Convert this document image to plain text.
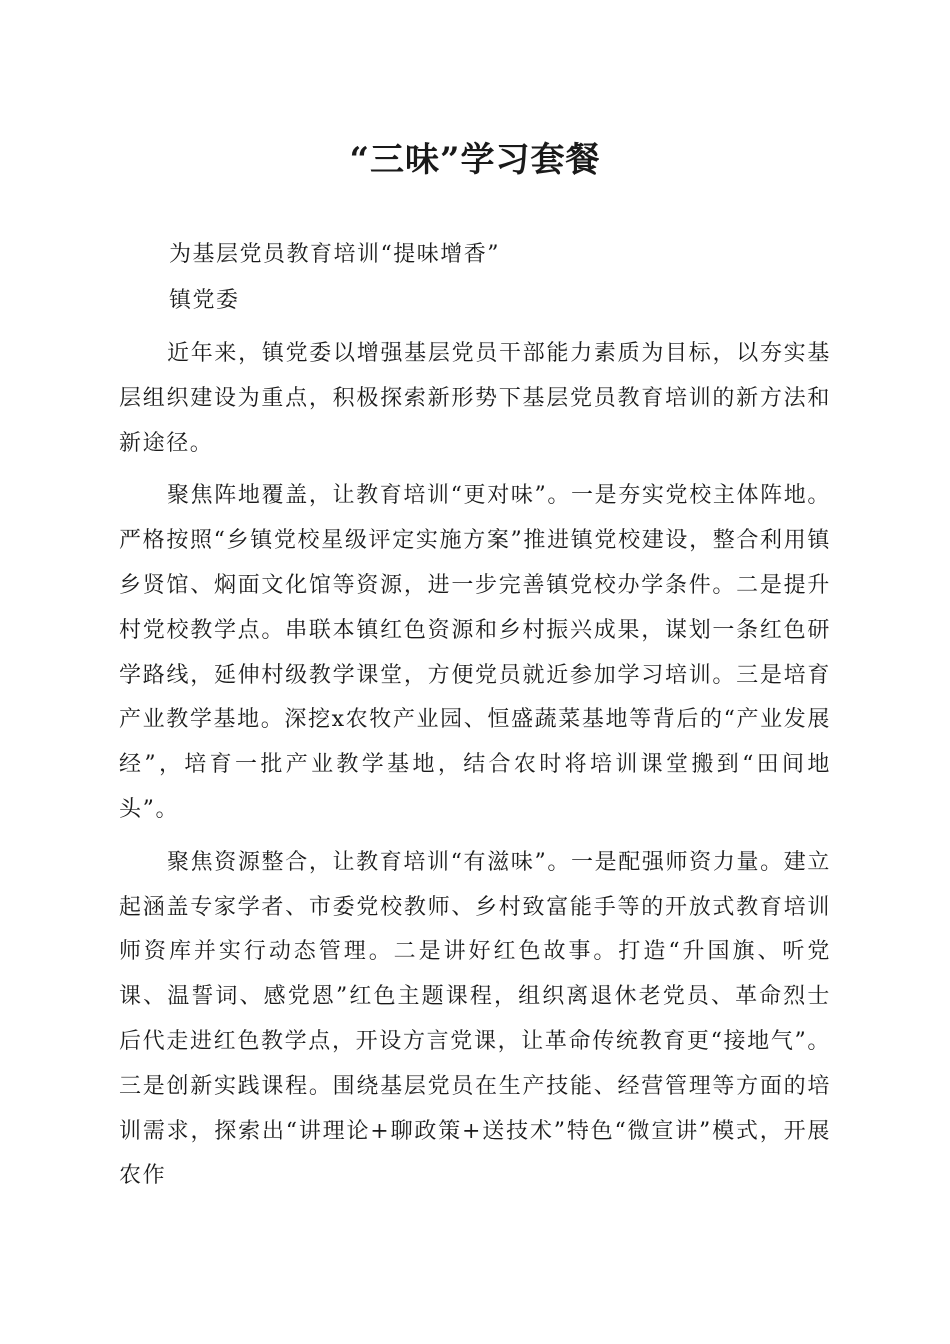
“三味”学习套餐

为基层党员教育培训“提味增香”

镇党委

近年来，镇党委以增强基层党员干部能力素质为目标，以夯实基层组织建设为重点，积极探索新形势下基层党员教育培训的新方法和新途径。

聚焦阵地覆盖，让教育培训“更对味”。一是夯实党校主体阵地。严格按照“乡镇党校星级评定实施方案”推进镇党校建设，整合利用镇乡贤馆、焖面文化馆等资源，进一步完善镇党校办学条件。二是提升村党校教学点。串联本镇红色资源和乡村振兴成果，谋划一条红色研学路线，延伸村级教学课堂，方便党员就近参加学习培训。三是培育产业教学基地。深挖x农牧产业园、恒盛蔬菜基地等背后的“产业发展经”，培育一批产业教学基地，结合农时将培训课堂搬到“田间地头”。

聚焦资源整合，让教育培训“有滋味”。一是配强师资力量。建立起涵盖专家学者、市委党校教师、乡村致富能手等的开放式教育培训师资库并实行动态管理。二是讲好红色故事。打造“升国旗、听党课、温誓词、感党恩”红色主题课程，组织离退休老党员、革命烈士后代走进红色教学点，开设方言党课，让革命传统教育更“接地气”。三是创新实践课程。围绕基层党员在生产技能、经营管理等方面的培训需求，探索出“讲理论+聊政策+送技术”特色“微宣讲”模式，开展农作
